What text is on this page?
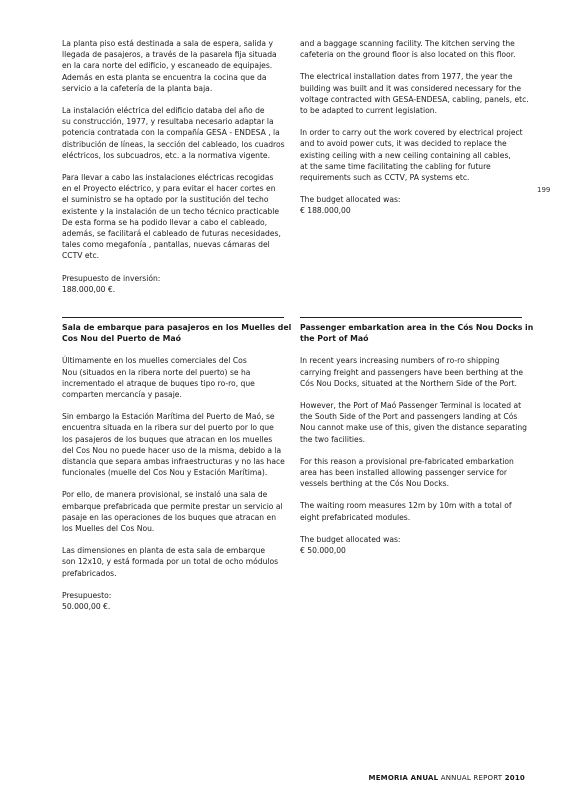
La planta piso está destinada a sala de espera, salida y
llegada de pasajeros, a través de la pasarela fija situada
en la cara norte del edificio, y escaneado de equipajes.
Además en esta planta se encuentra la cocina que da
servicio a la cafetería de la planta baja.

La instalación eléctrica del edificio databa del año de
su construcción, 1977, y resultaba necesario adaptar la
potencia contratada con la compañía GESA - ENDESA , la
distribución de líneas, la sección del cableado, los cuadros
eléctricos, los subcuadros, etc. a la normativa vigente.

Para llevar a cabo las instalaciones eléctricas recogidas
en el Proyecto eléctrico, y para evitar el hacer cortes en
el suministro se ha optado por la sustitución del techo
existente y la instalación de un techo técnico practicable
De esta forma se ha podido llevar a cabo el cableado,
además, se facilitará el cableado de futuras necesidades,
tales como megafonía , pantallas, nuevas cámaras del
CCTV etc.

Presupuesto de inversión:
188.000,00 €.

and a baggage scanning facility. The kitchen serving the
cafeteria on the ground floor is also located on this floor.

The electrical installation dates from 1977, the year the
building was built and it was considered necessary for the
voltage contracted with GESA-ENDESA, cabling, panels, etc.
to be adapted to current legislation.

In order to carry out the work covered by electrical project
and to avoid power cuts, it was decided to replace the
existing ceiling with a new ceiling containing all cables,
at the same time facilitating the cabling for future
requirements such as CCTV, PA systems etc.

The budget allocated was:
€ 188.000,00

Sala de embarque para pasajeros en los Muelles del
Cos Nou del Puerto de Maó

Últimamente en los muelles comerciales del Cos
Nou (situados en la ribera norte del puerto) se ha
incrementado el atraque de buques tipo ro-ro, que
comparten mercancía y pasaje.

Sin embargo la Estación Marítima del Puerto de Maó, se
encuentra situada en la ribera sur del puerto por lo que
los pasajeros de los buques que atracan en los muelles
del Cos Nou no puede hacer uso de la misma, debido a la
distancia que separa ambas infraestructuras y no las hace
funcionales (muelle del Cos Nou y Estación Marítima).

Por ello, de manera provisional, se instaló una sala de
embarque prefabricada que permite prestar un servicio al
pasaje en las operaciones de los buques que atracan en
los Muelles del Cos Nou.

Las dimensiones en planta de esta sala de embarque
son 12x10, y está formada por un total de ocho módulos
prefabricados.

Presupuesto:
50.000,00 €.

Passenger embarkation area in the Cós Nou Docks in
the Port of Maó

In recent years increasing numbers of ro-ro shipping
carrying freight and passengers have been berthing at the
Cós Nou Docks, situated at the Northern Side of the Port.

However, the Port of Maó Passenger Terminal is located at
the South Side of the Port and passengers landing at Cós
Nou cannot make use of this, given the distance separating
the two facilities.

For this reason a provisional pre-fabricated embarkation
area has been installed allowing passenger service for
vessels berthing at the Cós Nou Docks.

The waiting room measures 12m by 10m with a total of
eight prefabricated modules.

The budget allocated was:
€ 50.000,00

199
MEMORIA ANUAL ANNUAL REPORT 2010
